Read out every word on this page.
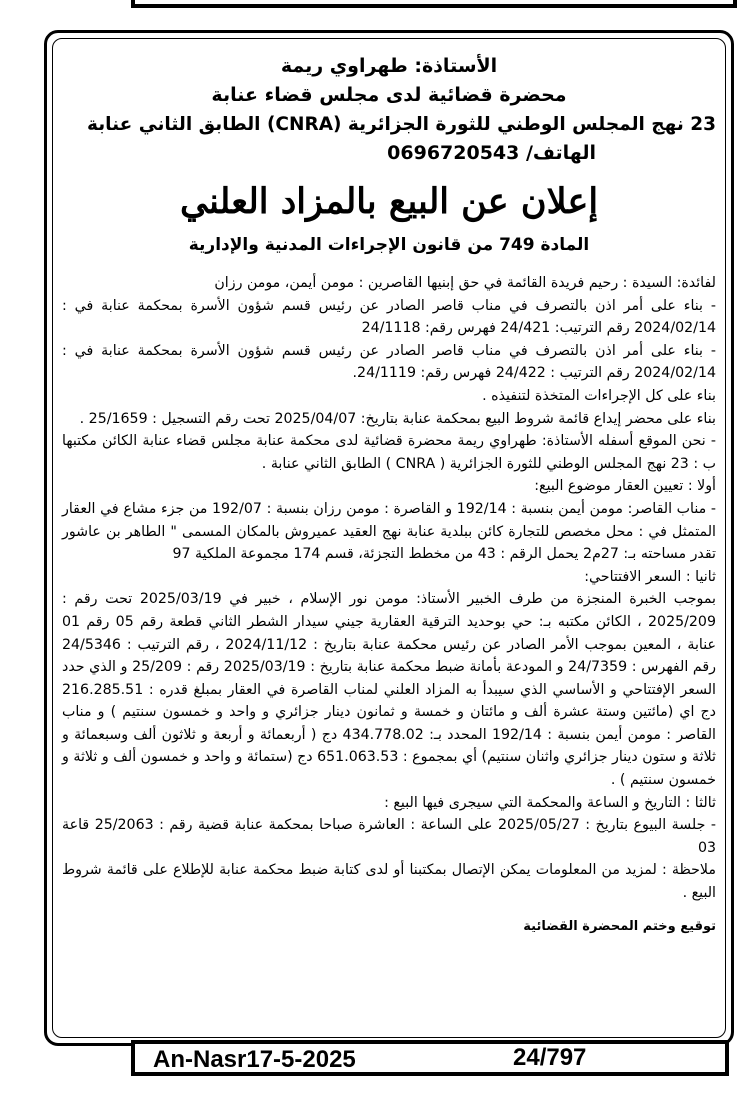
الأستاذة: طهراوي ريمة
محضرة قضائية لدى مجلس قضاء عنابة
23 نهج المجلس الوطني للثورة الجزائرية (CNRA) الطابق الثاني عنابة
الهاتف/ 0696720543
إعلان عن البيع بالمزاد العلني
المادة 749 من قانون الإجراءات المدنية والإدارية

لفائدة: السيدة : رحيم فريدة القائمة في حق إبنيها القاصرين : مومن أيمن، مومن رزان

- بناء على أمر اذن بالتصرف في مناب قاصر الصادر عن رئيس قسم شؤون الأسرة بمحكمة عنابة في : 2024/02/14 رقم الترتيب: 24/421 فهرس رقم: 24/1118

- بناء على أمر اذن بالتصرف في مناب قاصر الصادر عن رئيس قسم شؤون الأسرة بمحكمة عنابة في : 2024/02/14 رقم الترتيب : 24/422 فهرس رقم: 24/1119.

بناء على كل الإجراءات المتخذة لتنفيذه .

بناء على محضر إيداع قائمة شروط البيع بمحكمة عنابة بتاريخ: 2025/04/07 تحت رقم التسجيل : 25/1659 .

- نحن الموقع أسفله الأستاذة: طهراوي ريمة محضرة قضائية لدى محكمة عنابة مجلس قضاء عنابة الكائن مكتبها ب : 23 نهج المجلس الوطني للثورة الجزائرية ( CNRA ) الطابق الثاني عنابة .

أولا : تعيين العقار موضوع البيع:

- مناب القاصر: مومن أيمن بنسبة : 192/14 و القاصرة : مومن رزان بنسبة : 192/07 من جزء مشاع في العقار المتمثل في : محل مخصص للتجارة كائن ببلدية عنابة نهج العقيد عميروش بالمكان المسمى " الطاهر بن عاشور تقدر مساحته بـ: 27م2 يحمل الرقم : 43 من مخطط التجزئة، قسم 174 مجموعة الملكية 97

ثانيا : السعر الافتتاحي:

بموجب الخبرة المنجزة من طرف الخبير الأستاذ: مومن نور الإسلام ، خبير في 2025/03/19 تحت رقم : 2025/209 ، الكائن مكتبه بـ: حي بوحديد الترقية العقارية جيني سيدار الشطر الثاني قطعة رقم 05 رقم 01 عنابة ، المعين بموجب الأمر الصادر عن رئيس محكمة عنابة بتاريخ : 2024/11/12 ، رقم الترتيب : 24/5346 رقم الفهرس : 24/7359 و المودعة بأمانة ضبط محكمة عنابة بتاريخ : 2025/03/19 رقم : 25/209 و الذي حدد السعر الإفتتاحي و الأساسي الذي سيبدأ به المزاد العلني لمناب القاصرة في العقار بمبلغ قدره : 216.285.51 دج اي (مائتين وستة عشرة ألف و مائتان و خمسة و ثمانون دينار جزائري و واحد و خمسون سنتيم ) و مناب القاصر : مومن أيمن بنسبة : 192/14 المحدد بـ: 434.778.02 دج ( أربعمائة و أربعة و ثلاثون ألف وسبعمائة و ثلاثة و ستون دينار جزائري واثنان سنتيم) أي بمجموع : 651.063.53 دج (ستمائة و واحد و خمسون ألف و ثلاثة و خمسون سنتيم ) .

ثالثا : التاريخ و الساعة والمحكمة التي سيجرى فيها البيع :

- جلسة البيوع بتاريخ : 2025/05/27 على الساعة : العاشرة صباحا بمحكمة عنابة قضية رقم : 25/2063 قاعة 03

ملاحظة : لمزيد من المعلومات يمكن الإتصال بمكتبنا أو لدى كتابة ضبط محكمة عنابة للإطلاع على قائمة شروط البيع .

توقيع وختم المحضرة القضائية
An-Nasr17-5-2025	24/797
